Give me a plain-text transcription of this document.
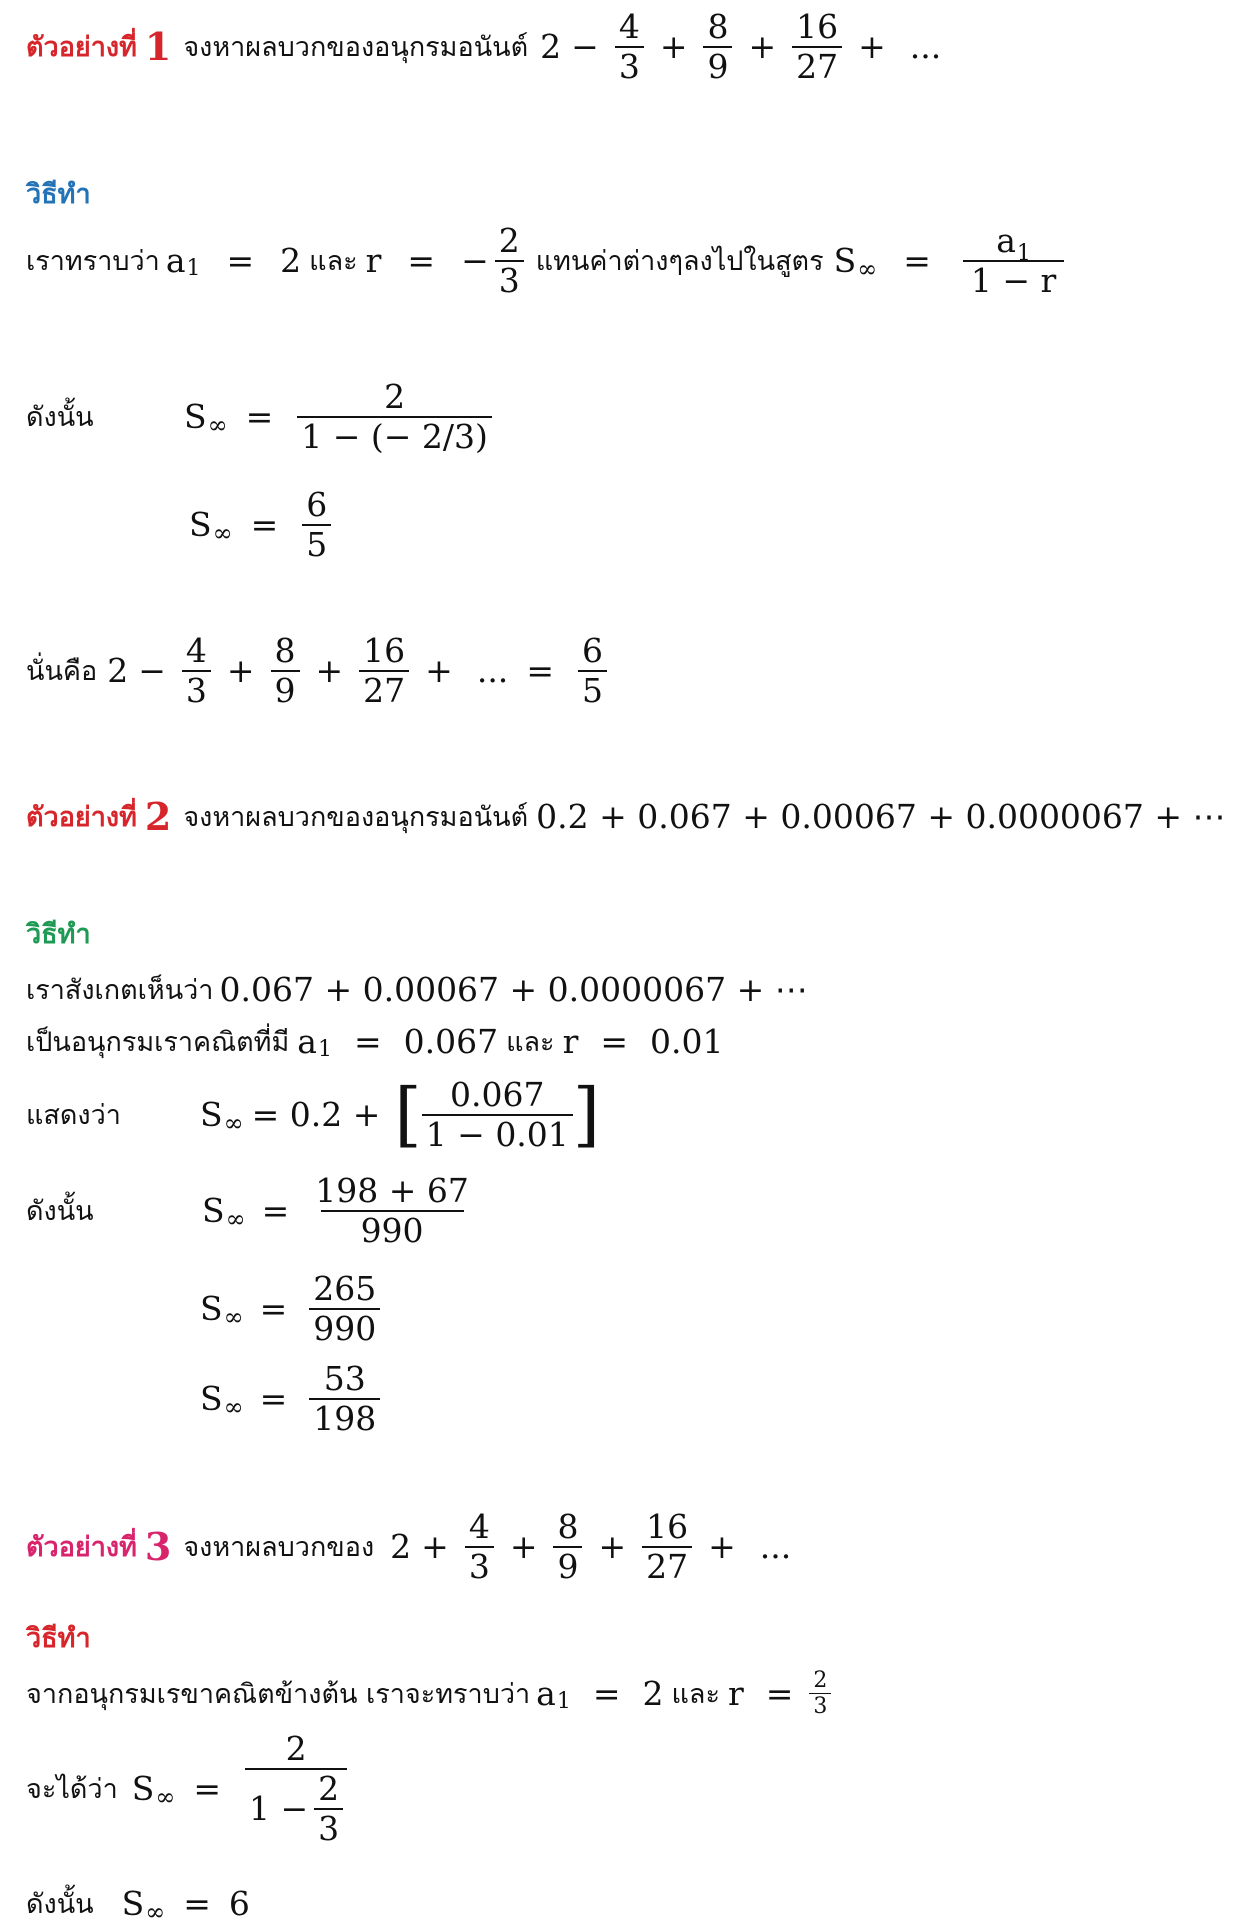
ตัวอย่างที่ 1 จงหาผลบวกของอนุกรมอนันต์ $2 - \frac{4}{3} + \frac{8}{9} + \frac{16}{27}$ + ...
วิธีทำ
เราทราบว่า a 1 = 2 และ r = − $\frac{2}{3}$ แทนค่าต่างๆลงไปในสูตร S ∞ = $\frac{a_1}{1 - r}$
ดังนั้น	S ∞ = $\frac{2}{1 - (- 2/3)}$
S ∞ = $\frac{6}{5}$
นั่นคือ $2 - \frac{4}{3} + \frac{8}{9} + \frac{16}{27}$ + ... = $\frac{6}{5}$
ตัวอย่างที่ 2 จงหาผลบวกของอนุกรมอนันต์ 0.2 + 0.067 + 0.00067 + 0.0000067 + ⋯
วิธีทำ
เราสังเกตเห็นว่า 0.067 + 0.00067 + 0.0000067 + ⋯
เป็นอนุกรมเราคณิตที่มี a 1 = 0.067 และ r = 0.01
แสดงว่า	S ∞ = 0.2 + [ $\frac{0.067}{1 - 0.01}$ ]
ดังนั้น	S ∞ = $\frac{198 + 67}{990}$
S ∞ = $\frac{265}{990}$
S ∞ = $\frac{53}{198}$
ตัวอย่างที่ 3 จงหาผลบวกของ $2 + \frac{4}{3} + \frac{8}{9} + \frac{16}{27}$ + ...
วิธีทำ
จากอนุกรมเรขาคณิตข้างต้น เราจะทราบว่า a 1 = 2 และ $r = \frac{2}{3}$
จะได้ว่า S ∞ = $\frac{2}{1 - \frac{2}{3}}$
ดังนั้น S ∞ = 6
